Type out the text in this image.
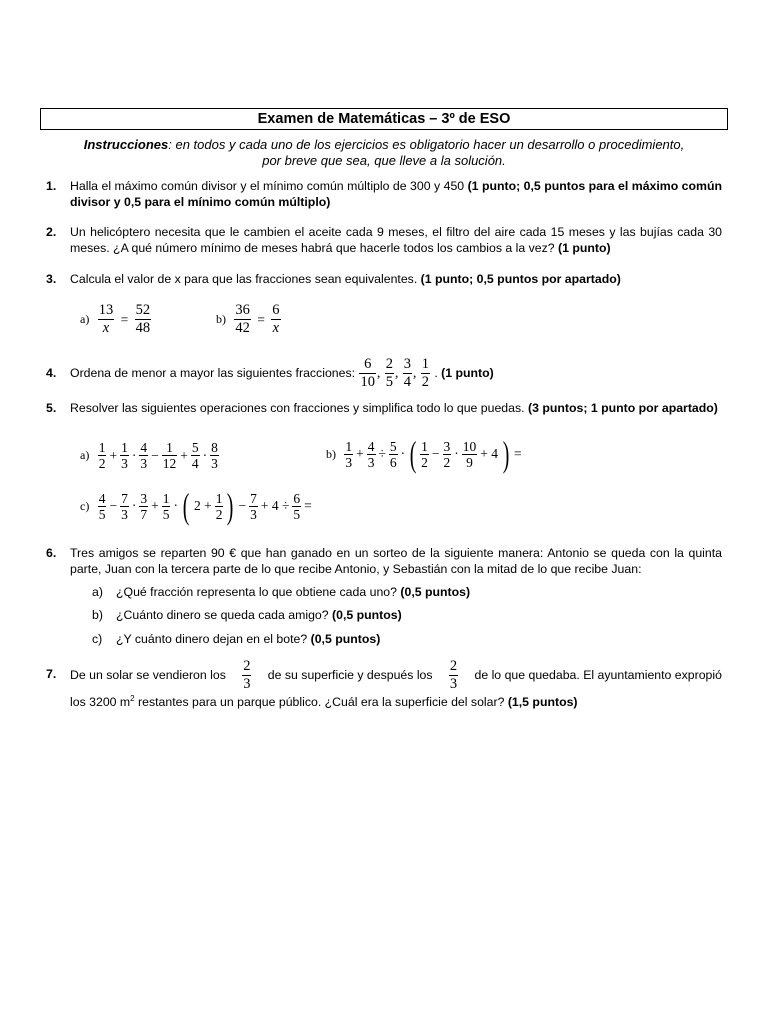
Examen de Matemáticas – 3º de ESO
Instrucciones: en todos y cada uno de los ejercicios es obligatorio hacer un desarrollo o procedimiento,
por breve que sea, que lleve a la solución.
1.	Halla el máximo común divisor y el mínimo común múltiplo de 300 y 450 (1 punto; 0,5 puntos para el máximo común divisor y 0,5 para el mínimo común múltiplo)
2.	Un helicóptero necesita que le cambien el aceite cada 9 meses, el filtro del aire cada 15 meses y las bujías cada 30 meses. ¿A qué número mínimo de meses habrá que hacerle todos los cambios a la vez? (1 punto)
3.	Calcula el valor de x para que las fracciones sean equivalentes. (1 punto; 0,5 puntos por apartado)
$a) \frac{13}{x} = \frac{52}{48}$	$b) \frac{36}{42} = \frac{6}{x}$
4.	Ordena de menor a mayor las siguientes fracciones: $\frac{6}{10}$ , $\frac{2}{5}$ , $\frac{3}{4}$ , $\frac{1}{2}$ . (1 punto)
5.	Resolver las siguientes operaciones con fracciones y simplifica todo lo que puedas. (3 puntos; 1 punto por apartado)
$a) \frac{1}{2} + \frac{1}{3} \cdot \frac{4}{3} - \frac{1}{12} + \frac{5}{4} \cdot \frac{8}{3}$	$b) \frac{1}{3} + \frac{4}{3} \div \frac{5}{6}$ · ( $\frac{1}{2} - \frac{3}{2} \cdot \frac{10}{9} + 4$ ) =
$c) \frac{4}{5} - \frac{7}{3} \cdot \frac{3}{7} + \frac{1}{5}$ · ( $2 + \frac{1}{2}$ ) − $\frac{7}{3} + 4 \div \frac{6}{5}$ =
6.	Tres amigos se reparten 90 € que han ganado en un sorteo de la siguiente manera: Antonio se queda con la quinta parte, Juan con la tercera parte de lo que recibe Antonio, y Sebastián con la mitad de lo que recibe Juan:
a)	¿Qué fracción representa lo que obtiene cada uno? (0,5 puntos)
b)	¿Cuánto dinero se queda cada amigo? (0,5 puntos)
c)	¿Y cuánto dinero dejan en el bote? (0,5 puntos)
7.	De un solar se vendieron los
2
3
de su superficie y después los
2
3
de lo que quedaba. El ayuntamiento expropió
los 3200 $m^2$ restantes para un parque público. ¿Cuál era la superficie del solar? (1,5 puntos)
